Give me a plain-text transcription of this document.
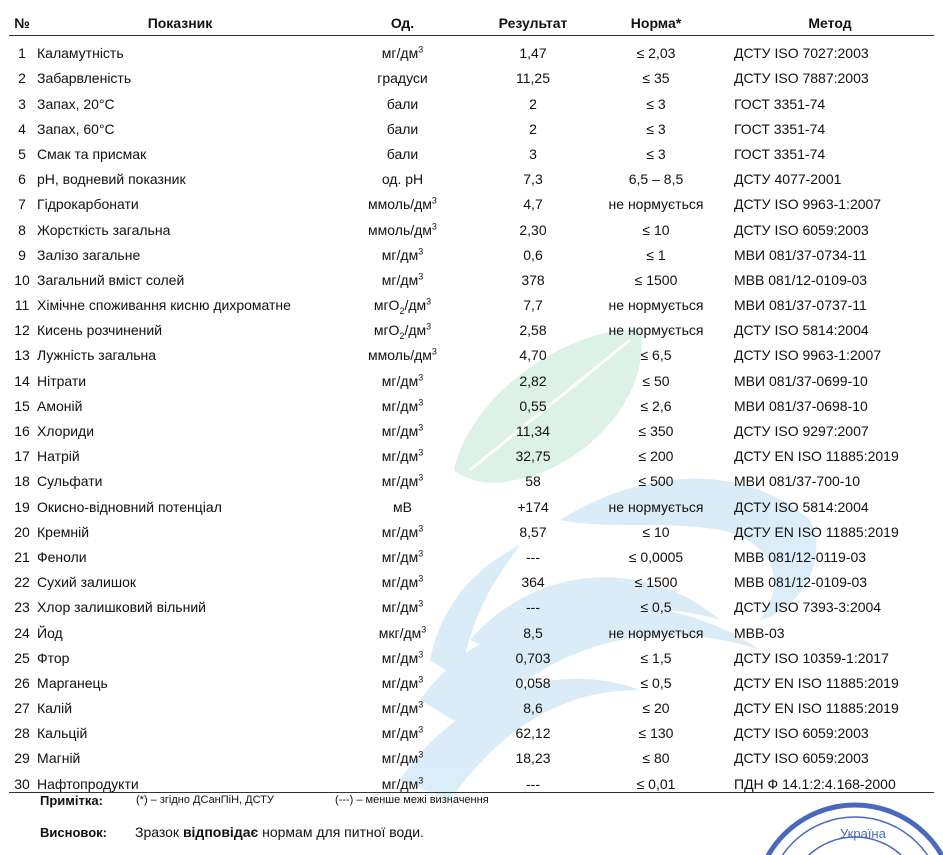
№	Показник	Од.	Результат	Норма*	Метод
1	Каламутність	$мг/дм^3$	1,47	≤ 2,03	ДСТУ ISO 7027:2003
2	Забарвленість	градуси	11,25	≤ 35	ДСТУ ISO 7887:2003
3	Запах, 20°С	бали	2	≤ 3	ГОСТ 3351-74
4	Запах, 60°С	бали	2	≤ 3	ГОСТ 3351-74
5	Смак та присмак	бали	3	≤ 3	ГОСТ 3351-74
6	рН, водневий показник	од. рН	7,3	6,5 – 8,5	ДСТУ 4077-2001
7	Гідрокарбонати	ммоль/$дм^3$	4,7	не нормується	ДСТУ ISO 9963-1:2007
8	Жорсткість загальна	ммоль/$дм^3$	2,30	≤ 10	ДСТУ ISO 6059:2003
9	Залізо загальне	$мг/дм^3$	0,6	≤ 1	МВИ 081/37-0734-11
10	Загальний вміст солей	$мг/дм^3$	378	≤ 1500	МВВ 081/12-0109-03
11	Хімічне споживання кисню дихроматне	$мгО_2/дм^3$	7,7	не нормується	МВИ 081/37-0737-11
12	Кисень розчинений	$мгО_2/дм^3$	2,58	не нормується	ДСТУ ISO 5814:2004
13	Лужність загальна	ммоль/$дм^3$	4,70	≤ 6,5	ДСТУ ISO 9963-1:2007
14	Нітрати	$мг/дм^3$	2,82	≤ 50	МВИ 081/37-0699-10
15	Амоній	$мг/дм^3$	0,55	≤ 2,6	МВИ 081/37-0698-10
16	Хлориди	$мг/дм^3$	11,34	≤ 350	ДСТУ ISO 9297:2007
17	Натрій	$мг/дм^3$	32,75	≤ 200	ДСТУ EN ISO 11885:2019
18	Сульфати	$мг/дм^3$	58	≤ 500	МВИ 081/37-700-10
19	Окисно-відновний потенціал	мВ	+174	не нормується	ДСТУ ISO 5814:2004
20	Кремній	$мг/дм^3$	8,57	≤ 10	ДСТУ EN ISO 11885:2019
21	Феноли	$мг/дм^3$	---	≤ 0,0005	МВВ 081/12-0119-03
22	Сухий залишок	$мг/дм^3$	364	≤ 1500	МВВ 081/12-0109-03
23	Хлор залишковий вільний	$мг/дм^3$	---	≤ 0,5	ДСТУ ISO 7393-3:2004
24	Йод	мкг/$дм^3$	8,5	не нормується	МВВ-03
25	Фтор	$мг/дм^3$	0,703	≤ 1,5	ДСТУ ISO 10359-1:2017
26	Марганець	$мг/дм^3$	0,058	≤ 0,5	ДСТУ EN ISO 11885:2019
27	Калій	$мг/дм^3$	8,6	≤ 20	ДСТУ EN ISO 11885:2019
28	Кальцій	$мг/дм^3$	62,12	≤ 130	ДСТУ ISO 6059:2003
29	Магній	$мг/дм^3$	18,23	≤ 80	ДСТУ ISO 6059:2003
30	Нафтопродукти	$мг/дм^3$	---	≤ 0,01	ПДН Ф 14.1:2:4.168-2000
Примітка:	(*) – згідно ДСанПіН, ДСТУ	(---) – менше межі визначення
Висновок: Зразок відповідає нормам для питної води.	Україна
